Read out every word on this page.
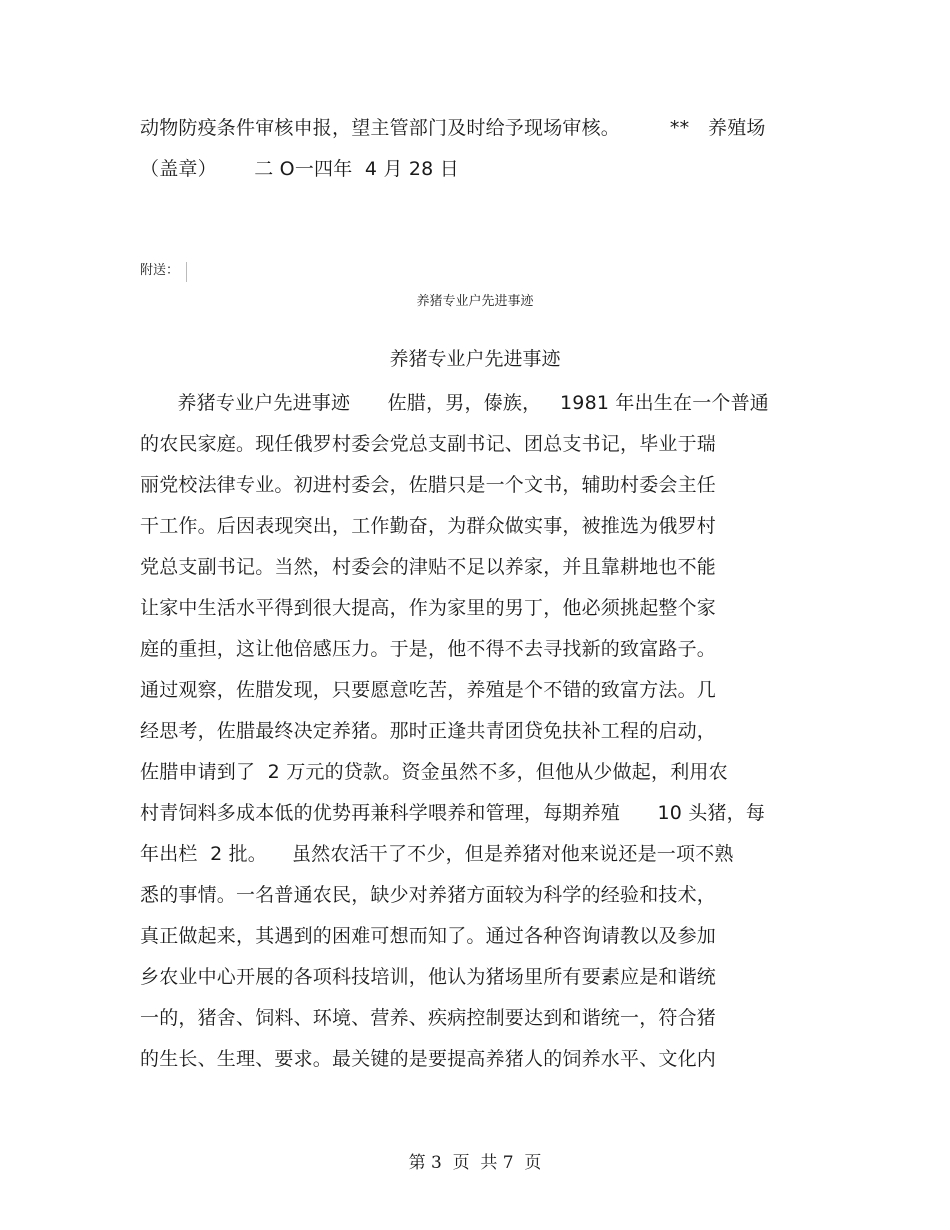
动物防疫条件审核申报，望主管部门及时给予现场审核。        **   养殖场
（盖章）      二 O一四年  4 月 28 日
附送：
养猪专业户先进事迹
养猪专业户先进事迹
养猪专业户先进事迹      佐腊，男，傣族，   1981 年出生在一个普通
的农民家庭。现任俄罗村委会党总支副书记、团总支书记，毕业于瑞
丽党校法律专业。初进村委会，佐腊只是一个文书，辅助村委会主任
干工作。后因表现突出，工作勤奋，为群众做实事，被推选为俄罗村
党总支副书记。当然，村委会的津贴不足以养家，并且靠耕地也不能
让家中生活水平得到很大提高，作为家里的男丁，他必须挑起整个家
庭的重担，这让他倍感压力。于是，他不得不去寻找新的致富路子。
通过观察，佐腊发现，只要愿意吃苦，养殖是个不错的致富方法。几
经思考，佐腊最终决定养猪。那时正逢共青团贷免扶补工程的启动，
佐腊申请到了  2 万元的贷款。资金虽然不多，但他从少做起，利用农
村青饲料多成本低的优势再兼科学喂养和管理，每期养殖      10 头猪，每
年出栏  2 批。    虽然农活干了不少，但是养猪对他来说还是一项不熟
悉的事情。一名普通农民，缺少对养猪方面较为科学的经验和技术，
真正做起来，其遇到的困难可想而知了。通过各种咨询请教以及参加
乡农业中心开展的各项科技培训，他认为猪场里所有要素应是和谐统
一的，猪舍、饲料、环境、营养、疾病控制要达到和谐统一，符合猪
的生长、生理、要求。最关键的是要提高养猪人的饲养水平、文化内
第 3  页  共 7  页
